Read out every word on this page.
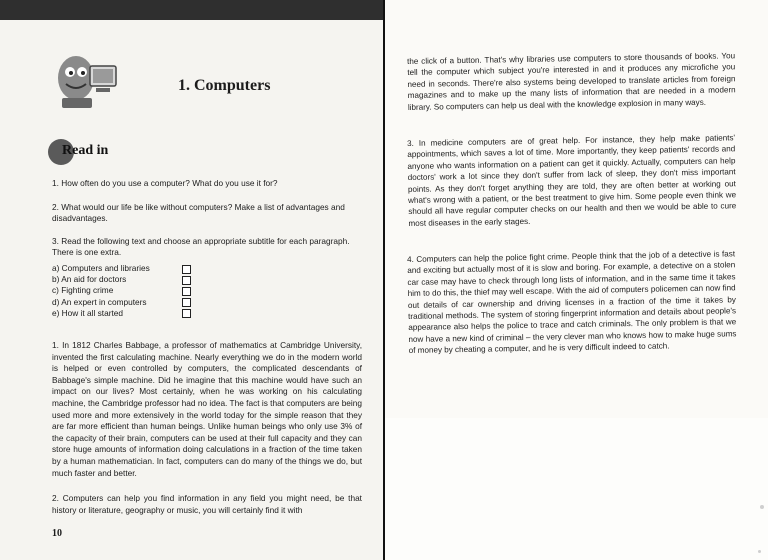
1. Computers
Read in
1. How often do you use a computer? What do you use it for?
2. What would our life be like without computers? Make a list of advantages and disadvantages.
3. Read the following text and choose an appropriate subtitle for each paragraph. There is one extra.
a) Computers and libraries
b) An aid for doctors
c) Fighting crime
d) An expert in computers
e) How it all started
1. In 1812 Charles Babbage, a professor of mathematics at Cambridge University, invented the first calculating machine. Nearly everything we do in the modern world is helped or even controlled by computers, the complicated descendants of Babbage's simple machine. Did he imagine that this machine would have such an impact on our lives? Most certainly, when he was working on his calculating machine, the Cambridge professor had no idea. The fact is that computers are being used more and more extensively in the world today for the simple reason that they are far more efficient than human beings. Unlike human beings who only use 3% of the capacity of their brain, computers can be used at their full capacity and they can store huge amounts of information doing calculations in a fraction of the time taken by a human mathematician. In fact, computers can do many of the things we do, but much faster and better.
2. Computers can help you find information in any field you might need, be that history or literature, geography or music, you will certainly find it with
10
the click of a button. That's why libraries use computers to store thousands of books. You tell the computer which subject you're interested in and it produces any microfiche you need in seconds. There're also systems being developed to translate articles from foreign magazines and to make up the many lists of information that are needed in a modern library. So computers can help us deal with the knowledge explosion in many ways.
3. In medicine computers are of great help. For instance, they help make patients' appointments, which saves a lot of time. More importantly, they keep patients' records and anyone who wants information on a patient can get it quickly. Actually, computers can help doctors' work a lot since they don't suffer from lack of sleep, they don't miss important points. As they don't forget anything they are told, they are often better at working out what's wrong with a patient, or the best treatment to give him. Some people even think we should all have regular computer checks on our health and then we would be able to cure most diseases in the early stages.
4. Computers can help the police fight crime. People think that the job of a detective is fast and exciting but actually most of it is slow and boring. For example, a detective on a stolen car case may have to check through long lists of information, and in the same time it takes him to do this, the thief may well escape. With the aid of computers policemen can now find out details of car ownership and driving licenses in a fraction of the time it takes by traditional methods. The system of storing fingerprint information and details about people's appearance also helps the police to trace and catch criminals. The only problem is that we now have a new kind of criminal – the very clever man who knows how to make huge sums of money by cheating a computer, and he is very difficult indeed to catch.
